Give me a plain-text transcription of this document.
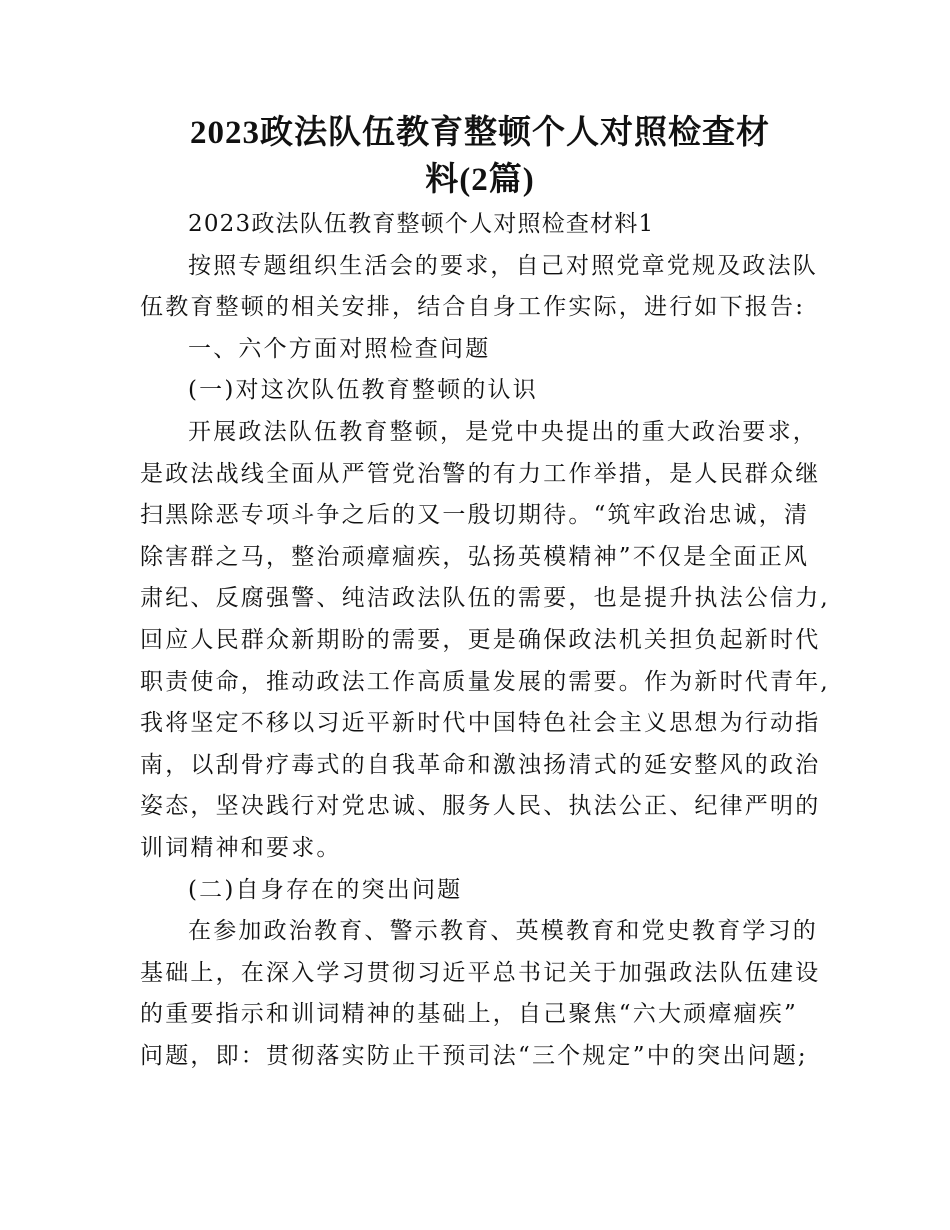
2023政法队伍教育整顿个人对照检查材
料(2篇)
2023政法队伍教育整顿个人对照检查材料1
按照专题组织生活会的要求，自己对照党章党规及政法队
伍教育整顿的相关安排，结合自身工作实际，进行如下报告:
一、六个方面对照检查问题
(一)对这次队伍教育整顿的认识
开展政法队伍教育整顿，是党中央提出的重大政治要求，
是政法战线全面从严管党治警的有力工作举措，是人民群众继
扫黑除恶专项斗争之后的又一殷切期待。“筑牢政治忠诚，清
除害群之马，整治顽瘴痼疾，弘扬英模精神”不仅是全面正风
肃纪、反腐强警、纯洁政法队伍的需要，也是提升执法公信力,
回应人民群众新期盼的需要，更是确保政法机关担负起新时代
职责使命，推动政法工作高质量发展的需要。作为新时代青年,
我将坚定不移以习近平新时代中国特色社会主义思想为行动指
南，以刮骨疗毒式的自我革命和激浊扬清式的延安整风的政治
姿态，坚决践行对党忠诚、服务人民、执法公正、纪律严明的
训词精神和要求。
(二)自身存在的突出问题
在参加政治教育、警示教育、英模教育和党史教育学习的
基础上，在深入学习贯彻习近平总书记关于加强政法队伍建设
的重要指示和训词精神的基础上，自己聚焦“六大顽瘴痼疾”
问题，即：贯彻落实防止干预司法“三个规定”中的突出问题;
